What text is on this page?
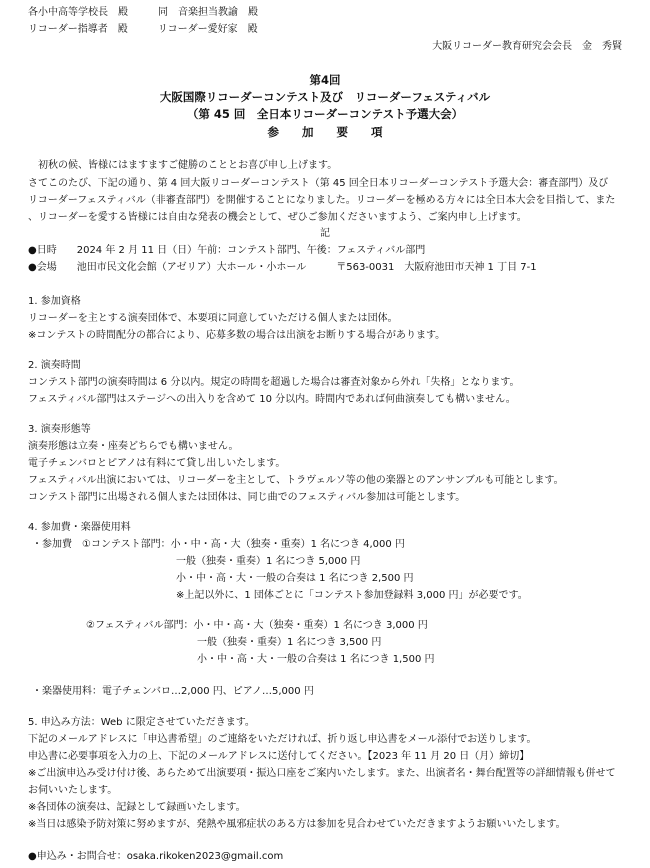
各小中高等学校長　殿　　　同　音楽担当教諭　殿
リコーダー指導者　殿　　　リコーダー愛好家　殿
大阪リコーダー教育研究会会長　金　秀賢
第4回
大阪国際リコーダーコンテスト及び　リコーダーフェスティバル
（第 45 回　全日本リコーダーコンテスト予選大会）
参　　加　　要　　項
　初秋の候、皆様にはますますご健勝のこととお喜び申し上げます。
さてこのたび、下記の通り、第 4 回大阪リコーダーコンテスト（第 45 回全日本リコーダーコンテスト予選大会：審査部門）及び
リコーダーフェスティバル（非審査部門）を開催することになりました。リコーダーを極める方々には全日本大会を目指して、また
、リコーダーを愛する皆様には自由な発表の機会として、ぜひご参加くださいますよう、ご案内申し上げます。
記
●日時　　2024 年 2 月 11 日（日）午前：コンテスト部門、午後：フェスティバル部門
●会場　　池田市民文化会館（アゼリア）大ホール・小ホール　　　〒563-0031　大阪府池田市天神 1 丁目 7-1
1. 参加資格
リコーダーを主とする演奏団体で、本要項に同意していただける個人または団体。
※コンテストの時間配分の都合により、応募多数の場合は出演をお断りする場合があります。
2. 演奏時間
コンテスト部門の演奏時間は 6 分以内。規定の時間を超過した場合は審査対象から外れ「失格」となります。
フェスティバル部門はステージへの出入りを含めて 10 分以内。時間内であれば何曲演奏しても構いません。
3. 演奏形態等
演奏形態は立奏・座奏どちらでも構いません。
電子チェンバロとピアノは有料にて貸し出しいたします。
フェスティバル出演においては、リコーダーを主として、トラヴェルソ等の他の楽器とのアンサンブルも可能とします。
コンテスト部門に出場される個人または団体は、同じ曲でのフェスティバル参加は可能とします。
4. 参加費・楽器使用料
・参加費　①コンテスト部門：小・中・高・大（独奏・重奏）1 名につき 4,000 円
一般（独奏・重奏）1 名につき 5,000 円
小・中・高・大・一般の合奏は 1 名につき 2,500 円
※上記以外に、1 団体ごとに「コンテスト参加登録料 3,000 円」が必要です。
②フェスティバル部門：小・中・高・大（独奏・重奏）1 名につき 3,000 円
一般（独奏・重奏）1 名につき 3,500 円
小・中・高・大・一般の合奏は 1 名につき 1,500 円
・楽器使用料：電子チェンバロ…2,000 円、ピアノ…5,000 円
5. 申込み方法：Web に限定させていただきます。
下記のメールアドレスに「申込書希望」のご連絡をいただければ、折り返し申込書をメール添付でお送りします。
申込書に必要事項を入力の上、下記のメールアドレスに送付してください。【2023 年 11 月 20 日（月）締切】
※ご出演申込み受け付け後、あらためて出演要項・振込口座をご案内いたします。また、出演者名・舞台配置等の詳細情報も併せて
お伺いいたします。
※各団体の演奏は、記録として録画いたします。
※当日は感染予防対策に努めますが、発熱や風邪症状のある方は参加を見合わせていただきますようお願いいたします。
●申込み・お問合せ：osaka.rikoken2023@gmail.com
